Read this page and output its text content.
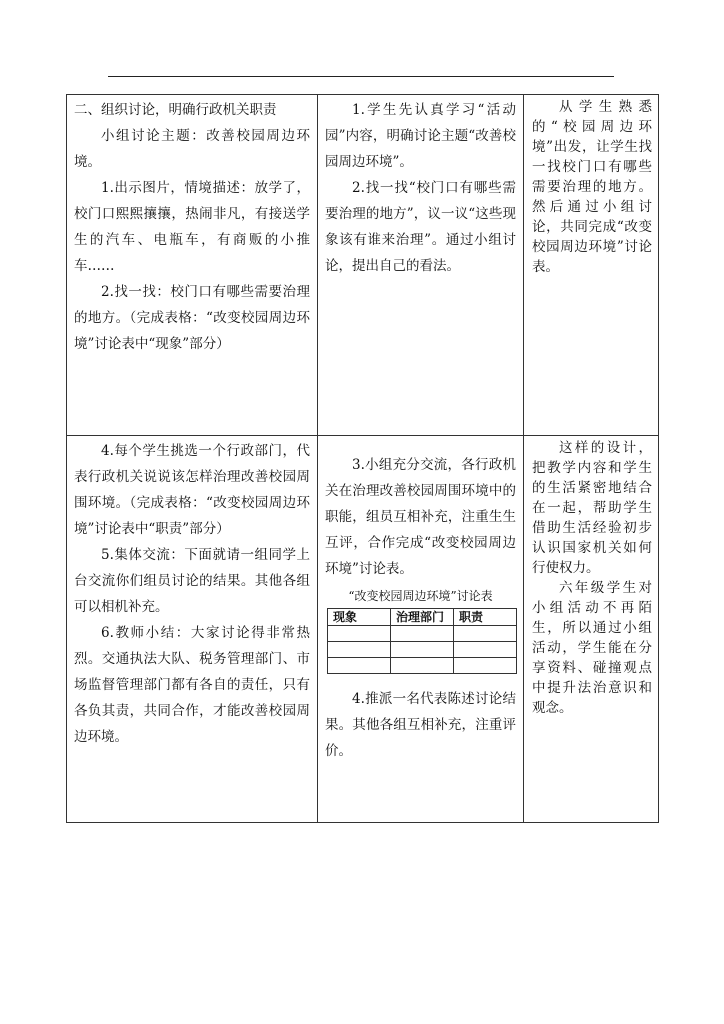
二、组织讨论，明确行政机关职责

小组讨论主题：改善校园周边环境。

1.出示图片，情境描述：放学了，校门口熙熙攘攘，热闹非凡，有接送学生的汽车、电瓶车，有商贩的小推车……

2.找一找：校门口有哪些需要治理的地方。（完成表格：“改变校园周边环境”讨论表中“现象”部分）

1.学生先认真学习“活动园”内容，明确讨论主题“改善校园周边环境”。

2.找一找“校门口有哪些需要治理的地方”，议一议“这些现象该有谁来治理”。通过小组讨论，提出自己的看法。

从学生熟悉的“校园周边环境”出发，让学生找一找校门口有哪些需要治理的地方。然后通过小组讨论，共同完成“改变校园周边环境”讨论表。

4.每个学生挑选一个行政部门，代表行政机关说说该怎样治理改善校园周围环境。（完成表格：“改变校园周边环境”讨论表中“职责”部分）

5.集体交流：下面就请一组同学上台交流你们组员讨论的结果。其他各组可以相机补充。

6.教师小结：大家讨论得非常热烈。交通执法大队、税务管理部门、市场监督管理部门都有各自的责任，只有各负其责，共同合作，才能改善校园周边环境。

3.小组充分交流，各行政机关在治理改善校园周围环境中的职能，组员互相补充，注重生生互评，合作完成“改变校园周边环境”讨论表。

“改变校园周边环境”讨论表
现象	治理部门	职责

4.推派一名代表陈述讨论结果。其他各组互相补充，注重评价。

这样的设计，把教学内容和学生的生活紧密地结合在一起，帮助学生借助生活经验初步认识国家机关如何行使权力。

六年级学生对小组活动不再陌生，所以通过小组活动，学生能在分享资料、碰撞观点中提升法治意识和观念。
